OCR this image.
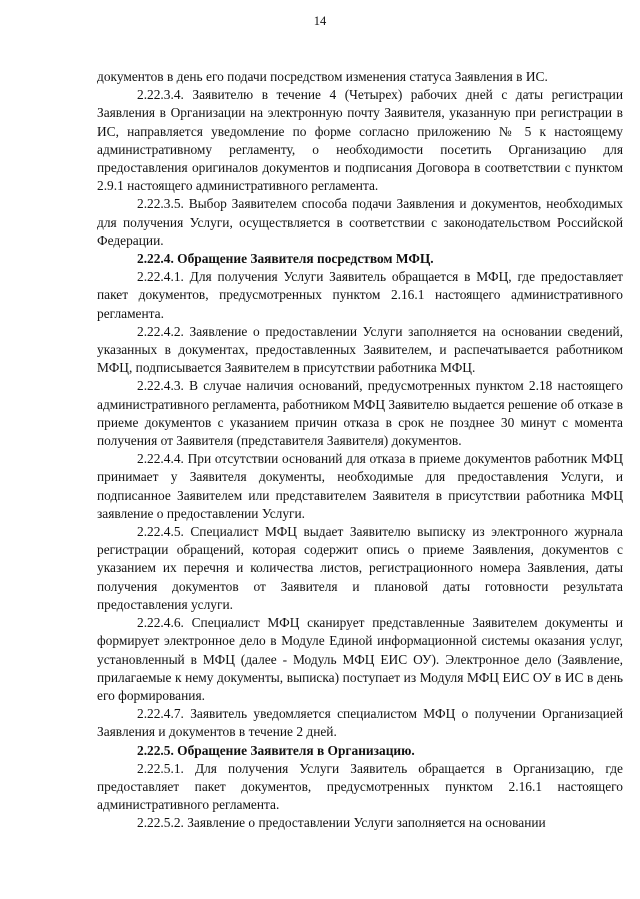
14

документов в день его подачи посредством изменения статуса Заявления в ИС.

2.22.3.4. Заявителю в течение 4 (Четырех) рабочих дней с даты регистрации Заявления в Организации на электронную почту Заявителя, указанную при регистрации в ИС, направляется уведомление по форме согласно приложению № 5 к настоящему административному регламенту, о необходимости посетить Организацию для предоставления оригиналов документов и подписания Договора в соответствии с пунктом 2.9.1 настоящего административного регламента.

2.22.3.5. Выбор Заявителем способа подачи Заявления и документов, необходимых для получения Услуги, осуществляется в соответствии с законодательством Российской Федерации.

2.22.4. Обращение Заявителя посредством МФЦ.

2.22.4.1. Для получения Услуги Заявитель обращается в МФЦ, где предоставляет пакет документов, предусмотренных пунктом 2.16.1 настоящего административного регламента.

2.22.4.2. Заявление о предоставлении Услуги заполняется на основании сведений, указанных в документах, предоставленных Заявителем, и распечатывается работником МФЦ, подписывается Заявителем в присутствии работника МФЦ.

2.22.4.3. В случае наличия оснований, предусмотренных пунктом 2.18 настоящего административного регламента, работником МФЦ Заявителю выдается решение об отказе в приеме документов с указанием причин отказа в срок не позднее 30 минут с момента получения от Заявителя (представителя Заявителя) документов.

2.22.4.4. При отсутствии оснований для отказа в приеме документов работник МФЦ принимает у Заявителя документы, необходимые для предоставления Услуги, и подписанное Заявителем или представителем Заявителя в присутствии работника МФЦ заявление о предоставлении Услуги.

2.22.4.5. Специалист МФЦ выдает Заявителю выписку из электронного журнала регистрации обращений, которая содержит опись о приеме Заявления, документов с указанием их перечня и количества листов, регистрационного номера Заявления, даты получения документов от Заявителя и плановой даты готовности результата предоставления услуги.

2.22.4.6. Специалист МФЦ сканирует представленные Заявителем документы и формирует электронное дело в Модуле Единой информационной системы оказания услуг, установленный в МФЦ (далее - Модуль МФЦ ЕИС ОУ). Электронное дело (Заявление, прилагаемые к нему документы, выписка) поступает из Модуля МФЦ ЕИС ОУ в ИС в день его формирования.

2.22.4.7. Заявитель уведомляется специалистом МФЦ о получении Организацией Заявления и документов в течение 2 дней.

2.22.5. Обращение Заявителя в Организацию.

2.22.5.1. Для получения Услуги Заявитель обращается в Организацию, где предоставляет пакет документов, предусмотренных пунктом 2.16.1 настоящего административного регламента.

2.22.5.2. Заявление о предоставлении Услуги заполняется на основании
